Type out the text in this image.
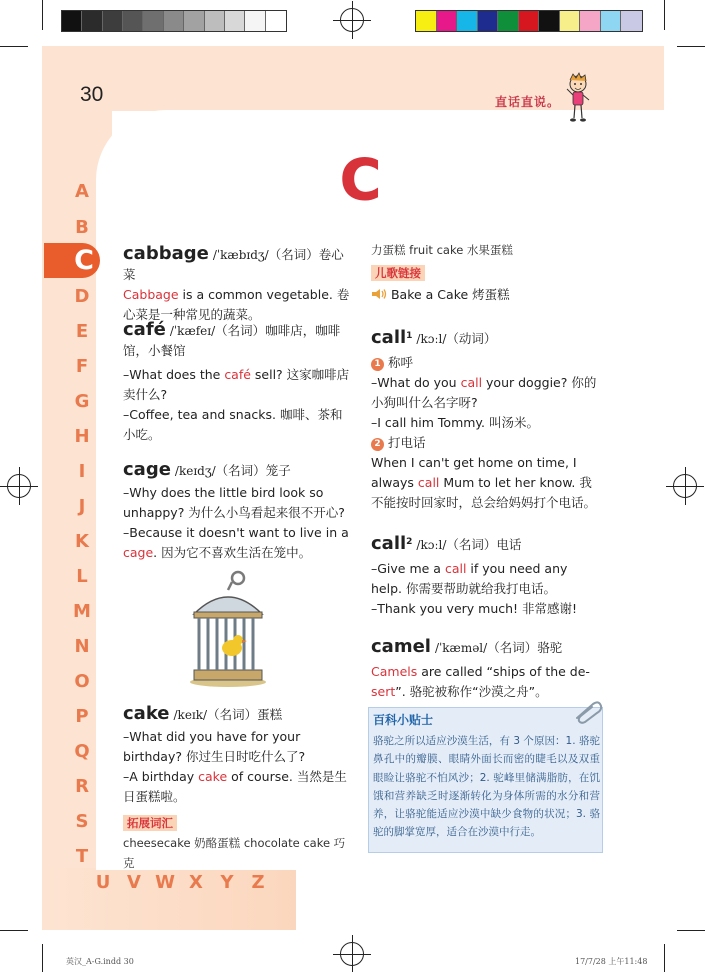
30	直话直说。
C
C
A
B
D
E
F
G
H
I
J
K
L
M
N
O
P
Q
R
S
T
U V W X Y Z
cabbage /ˈkæbɪdʒ/（名词）卷心菜
Cabbage is a common vegetable. 卷心菜是一种常见的蔬菜。
café /ˈkæfeɪ/（名词）咖啡店，咖啡馆，小餐馆
–What does the café sell? 这家咖啡店卖什么?
–Coffee, tea and snacks. 咖啡、茶和小吃。
cage /keɪdʒ/（名词）笼子
–Why does the little bird look so unhappy? 为什么小鸟看起来很不开心?
–Because it doesn't want to live in a cage. 因为它不喜欢生活在笼中。
cake /keɪk/（名词）蛋糕
–What did you have for your birthday? 你过生日时吃什么了?
–A birthday cake of course. 当然是生日蛋糕啦。
拓展词汇
cheesecake 奶酪蛋糕 chocolate cake 巧克
力蛋糕 fruit cake 水果蛋糕
儿歌链接
Bake a Cake 烤蛋糕
call$^1$ /kɔːl/（动词）
1 称呼
–What do you call your doggie? 你的小狗叫什么名字呀?
–I call him Tommy. 叫汤米。
2 打电话
When I can't get home on time, I always call Mum to let her know. 我不能按时回家时，总会给妈妈打个电话。
call$^2$ /kɔːl/（名词）电话
–Give me a call if you need any help. 你需要帮助就给我打电话。
–Thank you very much! 非常感谢!
camel /ˈkæməl/（名词）骆驼
Camels are called “ships of the de-sert”. 骆驼被称作“沙漠之舟”。
百科小贴士
骆驼之所以适应沙漠生活，有 3 个原因：1. 骆驼鼻孔中的瓣膜、眼睛外面长而密的睫毛以及双重眼睑让骆驼不怕风沙；2. 驼峰里储满脂肪，在饥饿和营养缺乏时逐渐转化为身体所需的水分和营养，让骆驼能适应沙漠中缺少食物的状况；3. 骆驼的脚掌宽厚，适合在沙漠中行走。
英汉_A-G.indd 30	17/7/28 上午11:48
